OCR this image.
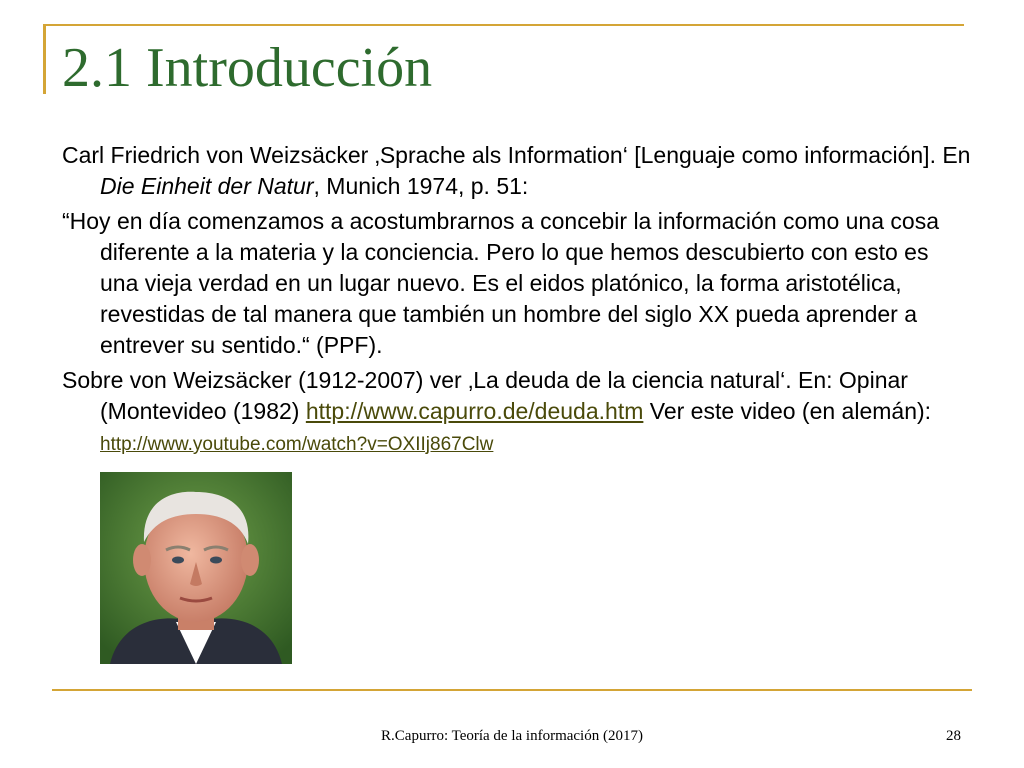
2.1 Introducción

Carl Friedrich von Weizsäcker ‚Sprache als Information‘ [Lenguaje como información]. En Die Einheit der Natur, Munich 1974, p. 51:

“Hoy en día comenzamos a acostumbrarnos a concebir la información como una cosa diferente a la materia y la conciencia. Pero lo que hemos descubierto con esto es una vieja verdad en un lugar nuevo. Es el eidos platónico, la forma aristotélica, revestidas de tal manera que también un hombre del siglo XX pueda aprender a entrever su sentido.“ (PPF).

Sobre von Weizsäcker (1912-2007) ver ‚La deuda de la ciencia natural‘. En: Opinar (Montevideo (1982) http://www.capurro.de/deuda.htm Ver este video (en alemán): http://www.youtube.com/watch?v=OXIIj867Clw

R.Capurro: Teoría de la información (2017)	28
